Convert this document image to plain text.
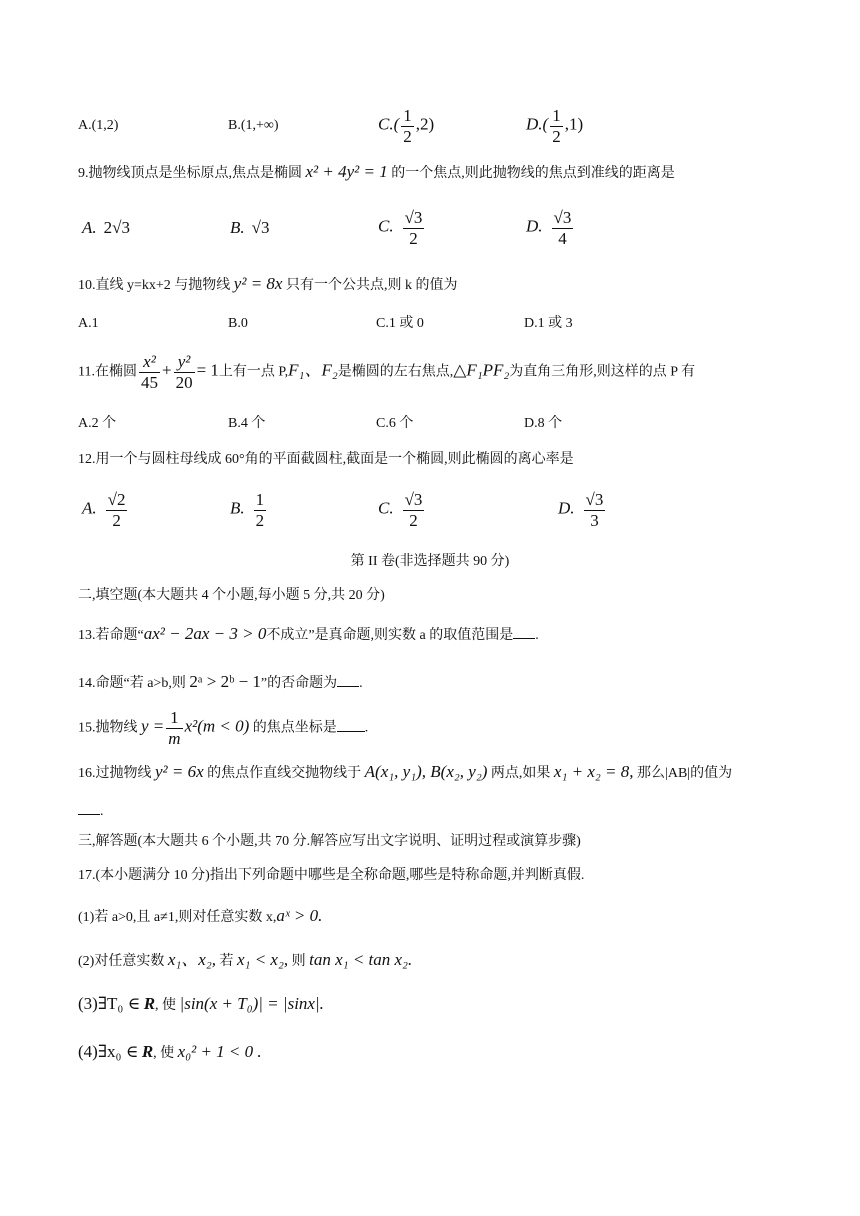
A.(1,2)	B.(1,+∞)	$C.( \frac{1}{2} ,2)$	$D.( \frac{1}{2} ,1)$
9.抛物线顶点是坐标原点,焦点是椭圆 x² + 4y² = 1 的一个焦点,则此抛物线的焦点到准线的距离是
A. 2√3	B. √3	C. $\frac{√3}{2}$	D. $\frac{√3}{4}$
10.直线 y=kx+2 与抛物线 y² = 8x 只有一个公共点,则 k 的值为
A.1	B.0	C.1 或 0	D.1 或 3
11.在椭圆 $\frac{\text{x²}}{45} + \frac{\text{y²}}{20} = 1$上有一点 P,F₁、F₂是椭圆的左右焦点,△F₁PF₂为直角三角形,则这样的点 P 有
A.2 个	B.4 个	C.6 个	D.8 个
12.用一个与圆柱母线成 60°角的平面截圆柱,截面是一个椭圆,则此椭圆的离心率是
A. $\frac{√2}{2}$	B. $\frac{1}{2}$	C. $\frac{√3}{2}$	D. $\frac{√3}{3}$
第 II 卷(非选择题共 90 分)
二,填空题(本大题共 4 个小题,每小题 5 分,共 20 分)
13.若命题“ax² − 2ax − 3 > 0不成立”是真命题,则实数 a 的取值范围是 .
14.命题“若 a>b,则 2ᵃ > 2ᵇ − 1”的否命题为 .
15.抛物线 $y = \frac{1}{m} x^2(m < 0)$ 的焦点坐标是 .
16.过抛物线 y² = 6x 的焦点作直线交抛物线于 A(x₁, y₁), B(x₂, y₂) 两点,如果 x₁ + x₂ = 8, 那么|AB|的值为
.
三,解答题(本大题共 6 个小题,共 70 分.解答应写出文字说明、证明过程或演算步骤)
17.(本小题满分 10 分)指出下列命题中哪些是全称命题,哪些是特称命题,并判断真假.
(1)若 a>0,且 a≠1,则对任意实数 x,aˣ > 0.
(2)对任意实数 x₁、x₂, 若 x₁ < x₂, 则 tan x₁ < tan x₂.
(3)∃T₀ ∈ R, 使 |sin(x + T₀)| = |sinx|.
(4)∃x₀ ∈ R, 使 x₀² + 1 < 0 .
